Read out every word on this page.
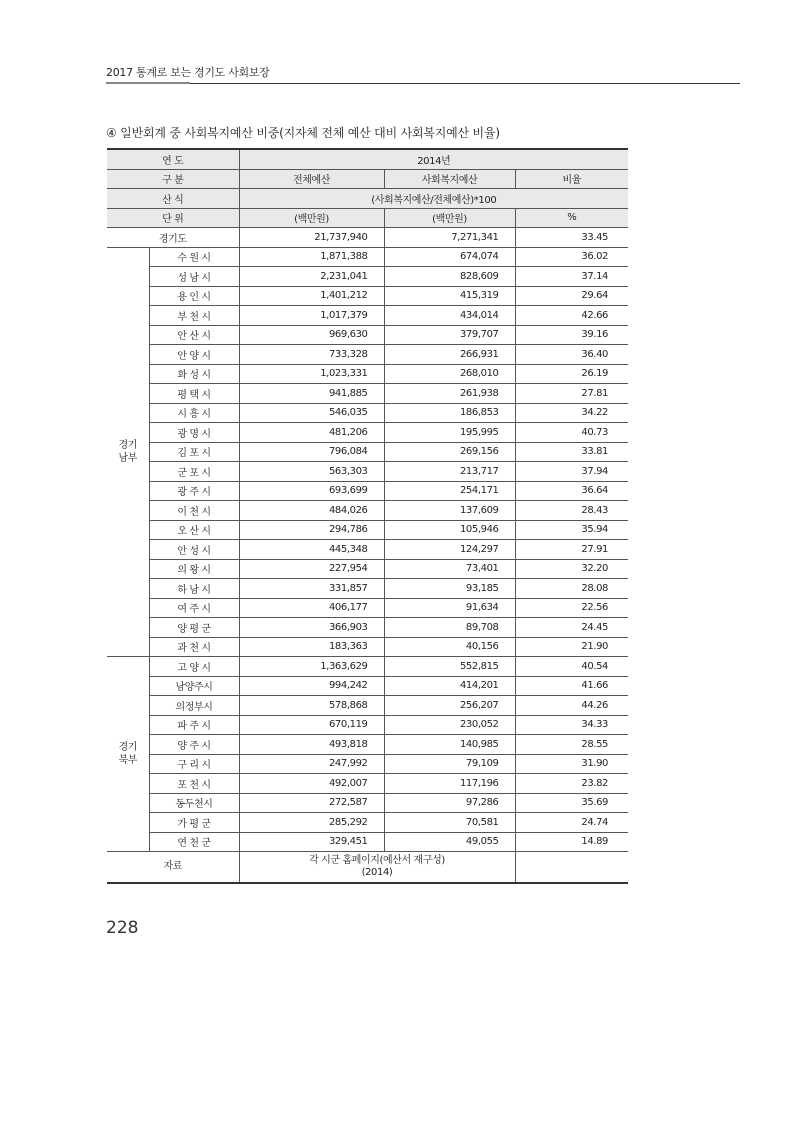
2017 통계로 보는 경기도 사회보장
④ 일반회계 중 사회복지예산 비중(지자체 전체 예산 대비 사회복지예산 비율)
연 도		2014년		
구 분		전체예산	사회복지예산	비율
산 식		(사회복지예산/전체예산)*100		
단 위		(백만원)	(백만원)	%
경기도		21,737,940	7,271,341	33.45
경기
남부	수 원 시	1,871,388	674,074	36.02
	성 남 시	2,231,041	828,609	37.14
	용 인 시	1,401,212	415,319	29.64
	부 천 시	1,017,379	434,014	42.66
	안 산 시	969,630	379,707	39.16
	안 양 시	733,328	266,931	36.40
	화 성 시	1,023,331	268,010	26.19
	평 택 시	941,885	261,938	27.81
	시 흥 시	546,035	186,853	34.22
	광 명 시	481,206	195,995	40.73
	김 포 시	796,084	269,156	33.81
	군 포 시	563,303	213,717	37.94
	광 주 시	693,699	254,171	36.64
	이 천 시	484,026	137,609	28.43
	오 산 시	294,786	105,946	35.94
	안 성 시	445,348	124,297	27.91
	의 왕 시	227,954	73,401	32.20
	하 남 시	331,857	93,185	28.08
	여 주 시	406,177	91,634	22.56
	양 평 군	366,903	89,708	24.45
	과 천 시	183,363	40,156	21.90
경기
북부	고 양 시	1,363,629	552,815	40.54
	남양주시	994,242	414,201	41.66
	의정부시	578,868	256,207	44.26
	파 주 시	670,119	230,052	34.33
	양 주 시	493,818	140,985	28.55
	구 리 시	247,992	79,109	31.90
	포 천 시	492,007	117,196	23.82
	동두천시	272,587	97,286	35.69
	가 평 군	285,292	70,581	24.74
	연 천 군	329,451	49,055	14.89
자료		각 시군 홈페이지(예산서 재구성)
(2014)		
228
